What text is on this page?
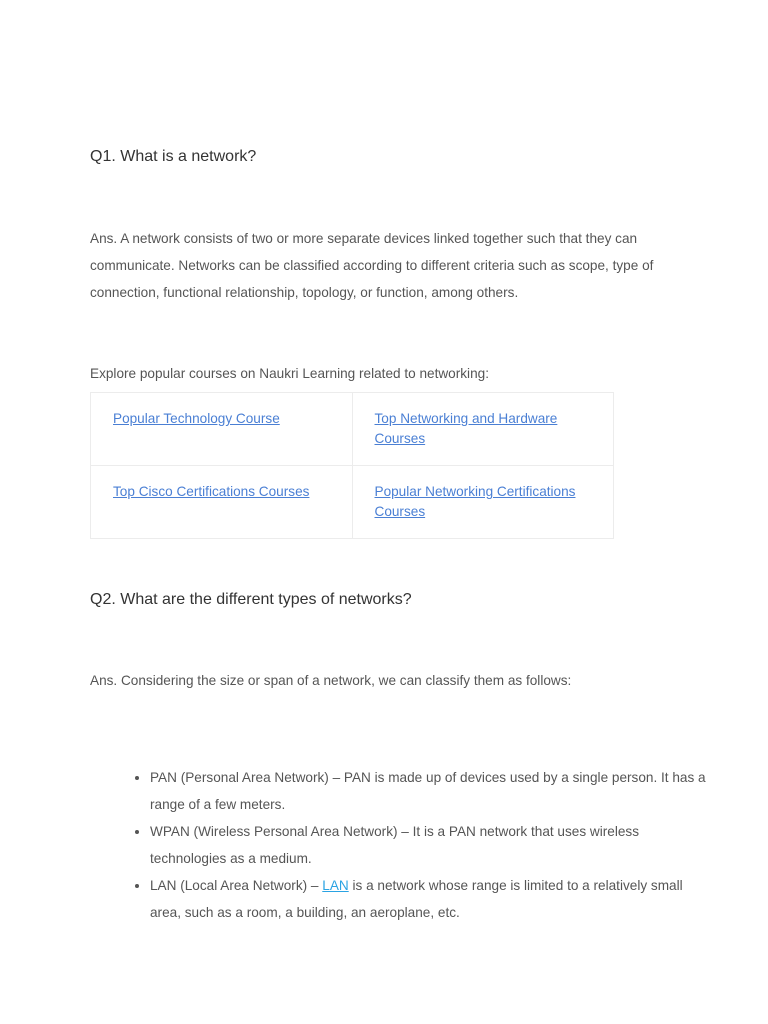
Q1. What is a network?

Ans. A network consists of two or more separate devices linked together such that they can communicate. Networks can be classified according to different criteria such as scope, type of connection, functional relationship, topology, or function, among others.

Explore popular courses on Naukri Learning related to networking:

Popular Technology Course	Top Networking and Hardware Courses
Top Cisco Certifications Courses	Popular Networking Certifications Courses
Q2. What are the different types of networks?

Ans. Considering the size or span of a network, we can classify them as follows:

• PAN (Personal Area Network) – PAN is made up of devices used by a single person. It has a range of a few meters.
• WPAN (Wireless Personal Area Network) – It is a PAN network that uses wireless technologies as a medium.
• LAN (Local Area Network) – LAN is a network whose range is limited to a relatively small area, such as a room, a building, an aeroplane, etc.
